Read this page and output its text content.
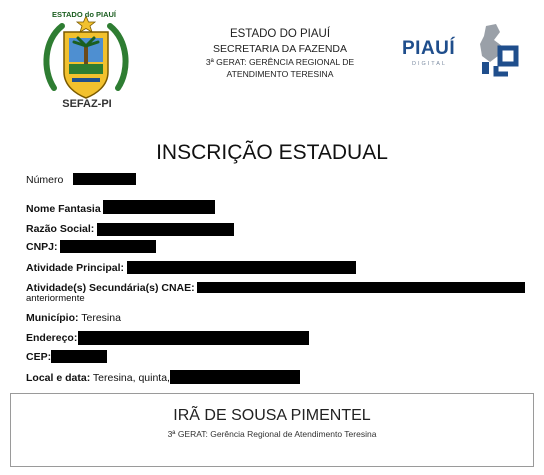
ESTADO do PIAUÍ
SEFAZ-PI
ESTADO DO PIAUÍ
SECRETARIA DA FAZENDA
3ª GERAT: GERÊNCIA REGIONAL DE
ATENDIMENTO TERESINA
PIAUÍ
DIGITAL
INSCRIÇÃO ESTADUAL
Número
Nome Fantasia
Razão Social:
CNPJ:
Atividade Principal:
Atividade(s) Secundária(s) CNAE:
anteriormente
Município: Teresina
Endereço:
CEP:
Local e data: Teresina, quinta,
IRÃ DE SOUSA PIMENTEL
3ª GERAT: Gerência Regional de Atendimento Teresina
